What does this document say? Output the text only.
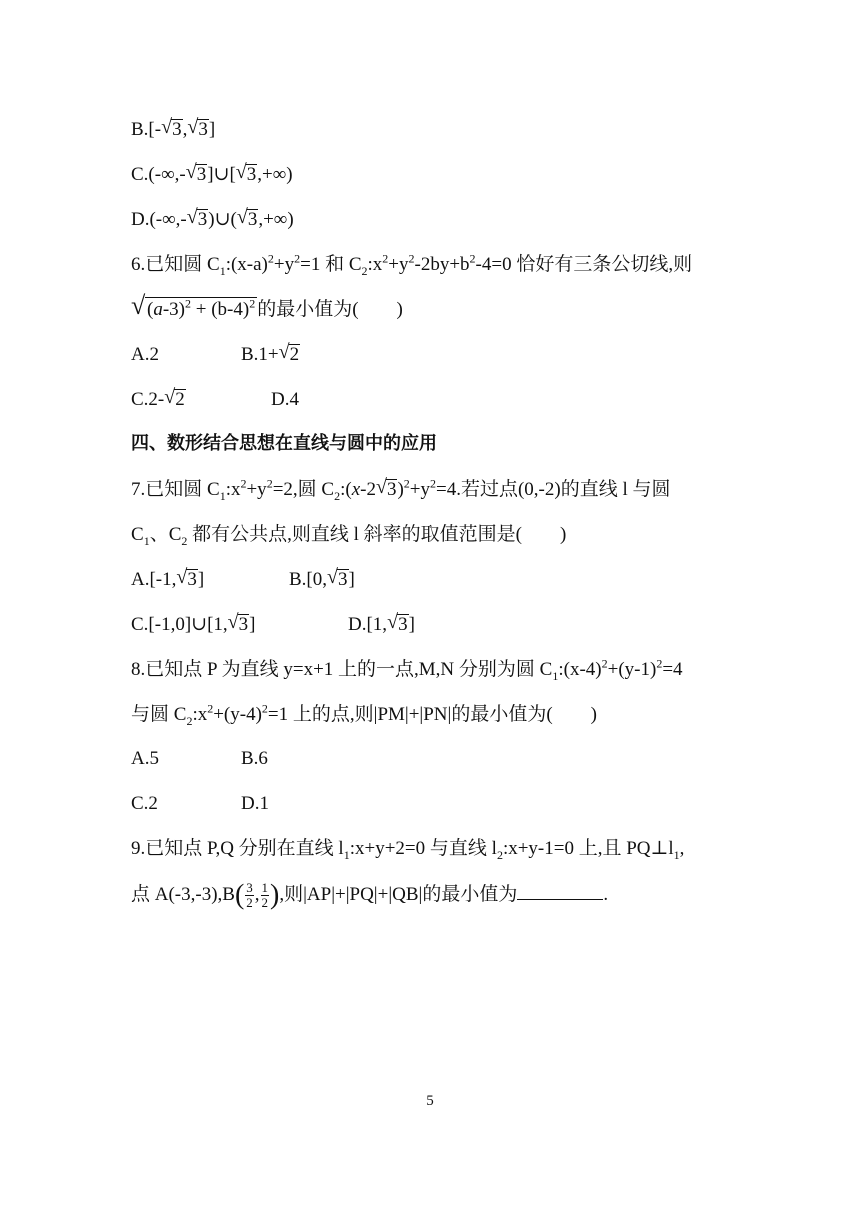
B.[- √ 3, √ 3]
C.(-∞,- √ 3]∪[ √ 3,+∞)
D.(-∞,- √ 3)∪( √ 3,+∞)
6.已知圆 $C_1:(x-a)^2+y^2=1$ 和 $C_2:x^2+y^2-2by+b^2-4=0$ 恰好有三条公切线,则
√ $(a-3)^2 + (b-4)^2$ 的最小值为(　　)
A.2	B.1+ √ 2
C.2- √ 2	D.4
四、数形结合思想在直线与圆中的应用
7.已知圆 $C_1:x^2+y^2=2$,圆 $C_2:(x-2$ √ $3)^2+y^2=4$.若过点(0,-2)的直线 l 与圆
$C_1$、$C_2$ 都有公共点,则直线 l 斜率的取值范围是(　　)
A.[-1, √ 3]	B.[0, √ 3]
C.[-1,0]∪[1, √ 3]	D.[1, √ 3]
8.已知点 P 为直线 y=x+1 上的一点,M,N 分别为圆 $C_1:(x-4)^2+(y-1)^2=4$
与圆 $C_2:x^2+(y-4)^2=1$ 上的点,则|PM|+|PN|的最小值为(　　)
A.5	B.6
C.2	D.1
9.已知点 P,Q 分别在直线 $l_1:x+y+2=0$ 与直线 $l_2:x+y-1=0$ 上,且 $PQ\perp l_1$,
点 $A(-3,-3),B( \frac{3}{2}$ , $\frac{1}{2}$ ),则|AP|+|PQ|+|QB|的最小值为	.
5
